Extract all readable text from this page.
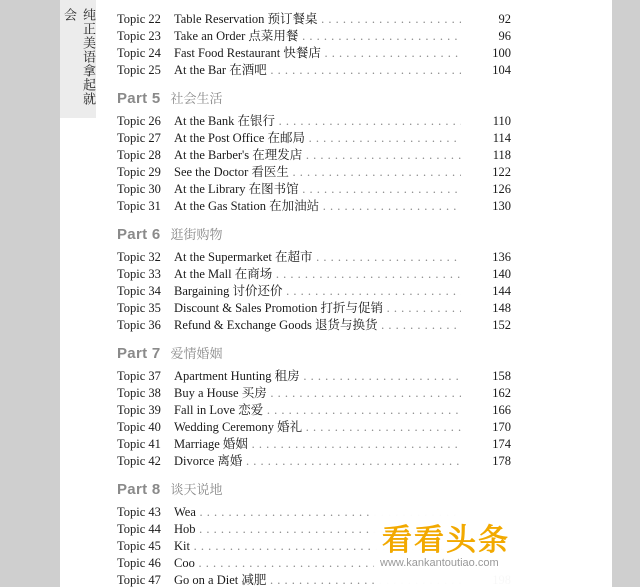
纯正美语拿起就会	Topic 22 Table Reservation 预订餐桌 . . .	92
Topic 23 Take an Order 点菜用餐 . . .	96
Topic 24 Fast Food Restaurant 快餐店 . . .	100
Topic 25 At the Bar 在酒吧 . . .	104
Part 5 社会生活
Topic 26 At the Bank 在银行 . . .	110
Topic 27 At the Post Office 在邮局 . . .	114
Topic 28 At the Barber's 在理发店 . . .	118
Topic 29 See the Doctor 看医生 . . .	122
Topic 30 At the Library 在图书馆 . . .	126
Topic 31 At the Gas Station 在加油站 . . .	130
Part 6 逛街购物
Topic 32 At the Supermarket 在超市 . . .	136
Topic 33 At the Mall 在商场 . . .	140
Topic 34 Bargaining 讨价还价 . . .	144
Topic 35 Discount & Sales Promotion 打折与促销 . . .	148
Topic 36 Refund & Exchange Goods 退货与换货 . . .	152
Part 7 爱情婚姻
Topic 37 Apartment Hunting 租房 . . .	158
Topic 38 Buy a House 买房 . . .	162
Topic 39 Fall in Love 恋爱 . . .	166
Topic 40 Wedding Ceremony 婚礼 . . .	170
Topic 41 Marriage 婚姻 . . .	174
Topic 42 Divorce 离婚 . . .	178
Part 8 谈天说地
Topic 43 Wea . . .
Topic 44 Hob . . .
Topic 45 Kit . . .
Topic 46 Coo . . .
Topic 47 Go on a Diet 减肥 . . .
看看头条
www.kankantoutiao.com
